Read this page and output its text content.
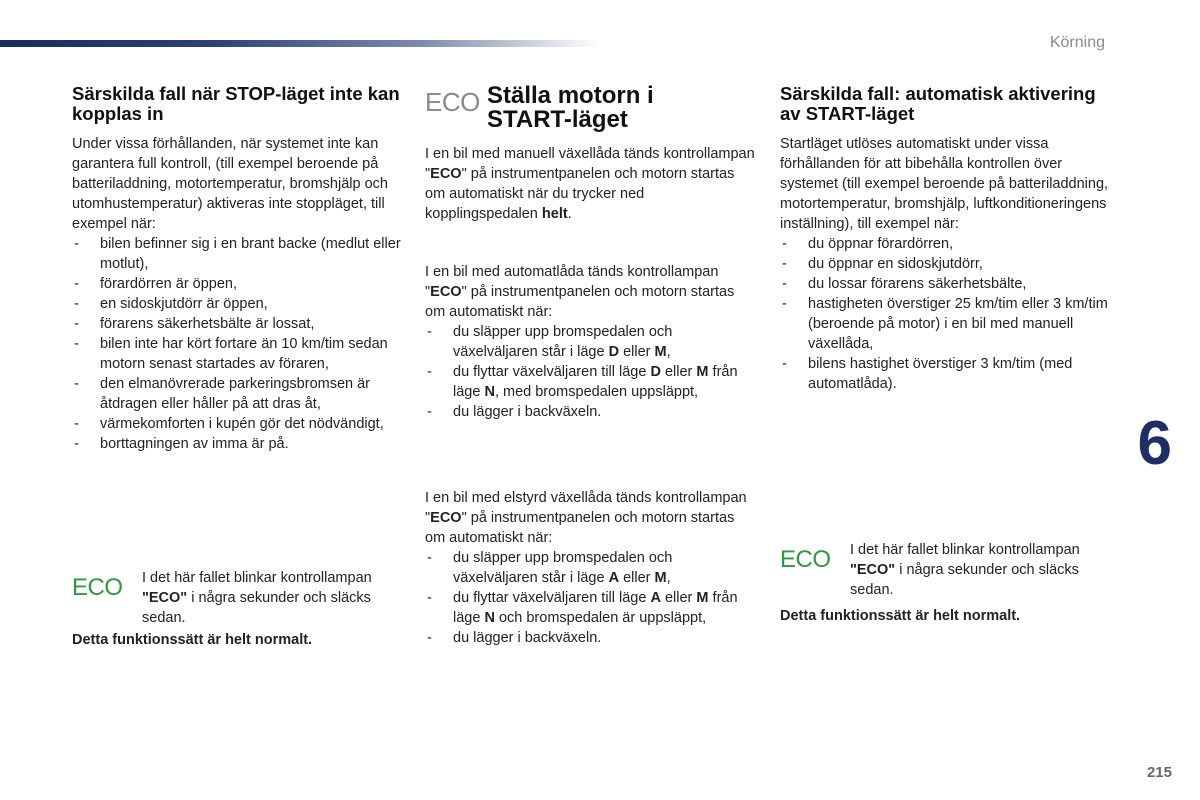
Körning
6
215
Särskilda fall när STOP-läget inte kan kopplas in

Under vissa förhållanden, när systemet inte kan garantera full kontroll, (till exempel beroende på batteriladdning, motortemperatur, bromshjälp och utomhustemperatur) aktiveras inte stoppläget, till exempel när:

- bilen befinner sig i en brant backe (medlut eller motlut),
- förardörren är öppen,
- en sidoskjutdörr är öppen,
- förarens säkerhetsbälte är lossat,
- bilen inte har kört fortare än 10 km/tim sedan motorn senast startades av föraren,
- den elmanövrerade parkeringsbromsen är åtdragen eller håller på att dras åt,
- värmekomforten i kupén gör det nödvändigt,
- borttagningen av imma är på.
ECO	I det här fallet blinkar kontrollampan "ECO" i några sekunder och släcks sedan.

Detta funktionssätt är helt normalt.

ECO Ställa motorn i START-läget

I en bil med manuell växellåda tänds kontrollampan "ECO" på instrumentpanelen och motorn startas om automatiskt när du trycker ned kopplingspedalen helt.

I en bil med automatlåda tänds kontrollampan "ECO" på instrumentpanelen och motorn startas om automatiskt när:

- du släpper upp bromspedalen och växelväljaren står i läge D eller M,
- du flyttar växelväljaren till läge D eller M från läge N, med bromspedalen uppsläppt,
- du lägger i backväxeln.

I en bil med elstyrd växellåda tänds kontrollampan "ECO" på instrumentpanelen och motorn startas om automatiskt när:

- du släpper upp bromspedalen och växelväljaren står i läge A eller M,
- du flyttar växelväljaren till läge A eller M från läge N och bromspedalen är uppsläppt,
- du lägger i backväxeln.
Särskilda fall: automatisk aktivering av START-läget

Startläget utlöses automatiskt under vissa förhållanden för att bibehålla kontrollen över systemet (till exempel beroende på batteriladdning, motortemperatur, bromshjälp, luftkonditioneringens inställning), till exempel när:

- du öppnar förardörren,
- du öppnar en sidoskjutdörr,
- du lossar förarens säkerhetsbälte,
- hastigheten överstiger 25 km/tim eller 3 km/tim (beroende på motor) i en bil med manuell växellåda,
- bilens hastighet överstiger 3 km/tim (med automatlåda).
ECO	I det här fallet blinkar kontrollampan "ECO" i några sekunder och släcks sedan.

Detta funktionssätt är helt normalt.
